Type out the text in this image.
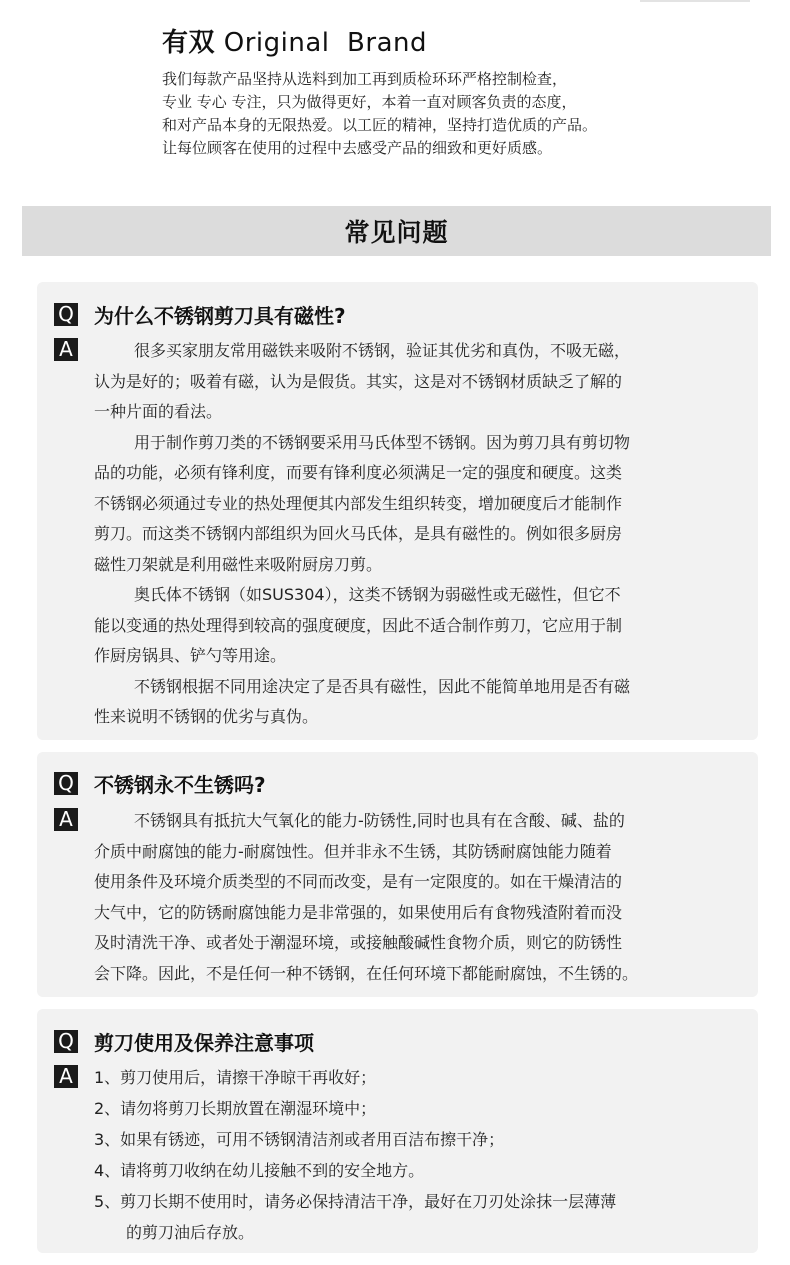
有双 Original  Brand

我们每款产品坚持从选料到加工再到质检环环严格控制检查，

专业 专心 专注，只为做得更好，本着一直对顾客负责的态度，

和对产品本身的无限热爱。以工匠的精神，坚持打造优质的产品。

让每位顾客在使用的过程中去感受产品的细致和更好质感。

常见问题
Q 为什么不锈钢剪刀具有磁性?
A	很多买家朋友常用磁铁来吸附不锈钢，验证其优劣和真伪，不吸无磁，

认为是好的；吸着有磁，认为是假货。其实，这是对不锈钢材质缺乏了解的

一种片面的看法。

用于制作剪刀类的不锈钢要采用马氏体型不锈钢。因为剪刀具有剪切物

品的功能，必须有锋利度，而要有锋利度必须满足一定的强度和硬度。这类

不锈钢必须通过专业的热处理便其内部发生组织转变，增加硬度后才能制作

剪刀。而这类不锈钢内部组织为回火马氏体，是具有磁性的。例如很多厨房

磁性刀架就是利用磁性来吸附厨房刀剪。

奥氏体不锈钢（如SUS304），这类不锈钢为弱磁性或无磁性，但它不

能以变通的热处理得到较高的强度硬度，因此不适合制作剪刀，它应用于制

作厨房锅具、铲勺等用途。

不锈钢根据不同用途决定了是否具有磁性，因此不能简单地用是否有磁

性来说明不锈钢的优劣与真伪。

Q 不锈钢永不生锈吗?
A	不锈钢具有抵抗大气氧化的能力-防锈性,同时也具有在含酸、碱、盐的

介质中耐腐蚀的能力-耐腐蚀性。但并非永不生锈，其防锈耐腐蚀能力随着

使用条件及环境介质类型的不同而改变，是有一定限度的。如在干燥清洁的

大气中，它的防锈耐腐蚀能力是非常强的，如果使用后有食物残渣附着而没

及时清洗干净、或者处于潮湿环境，或接触酸碱性食物介质，则它的防锈性

会下降。因此，不是任何一种不锈钢，在任何环境下都能耐腐蚀，不生锈的。

Q 剪刀使用及保养注意事项
A	1、剪刀使用后，请擦干净晾干再收好；
2、请勿将剪刀长期放置在潮湿环境中；
3、如果有锈迹，可用不锈钢清洁剂或者用百洁布擦干净；
4、请将剪刀收纳在幼儿接触不到的安全地方。
5、剪刀长期不使用时，请务必保持清洁干净，最好在刀刃处涂抹一层薄薄
的剪刀油后存放。
